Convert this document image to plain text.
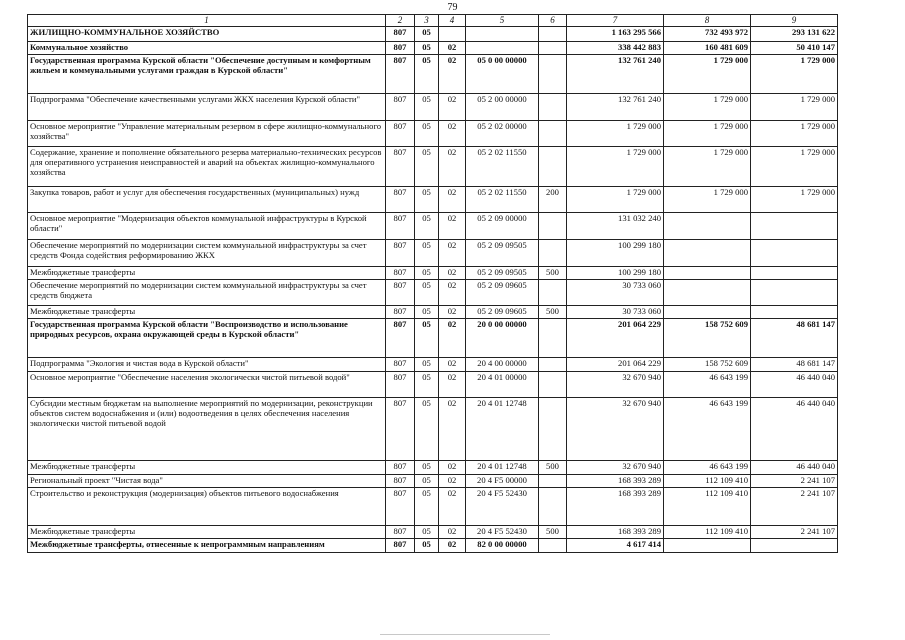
79
1	2	3	4	5	6	7	8	9
ЖИЛИЩНО-КОММУНАЛЬНОЕ ХОЗЯЙСТВО	807	05				1 163 295 566	732 493 972	293 131 622
Коммунальное хозяйство	807	05	02			338 442 883	160 481 609	50 410 147
Государственная программа Курской области "Обеспечение доступным и комфортным жильем и коммунальными услугами граждан в Курской области"	807	05	02	05 0 00 00000		132 761 240	1 729 000	1 729 000
Подпрограмма "Обеспечение качественными услугами ЖКХ населения Курской области"	807	05	02	05 2 00 00000		132 761 240	1 729 000	1 729 000
Основное мероприятие "Управление материальным резервом в сфере жилищно-коммунального хозяйства"	807	05	02	05 2 02 00000		1 729 000	1 729 000	1 729 000
Содержание, хранение и пополнение обязательного резерва материально-технических ресурсов для оперативного устранения неисправностей и аварий на объектах жилищно-коммунального хозяйства	807	05	02	05 2 02 11550		1 729 000	1 729 000	1 729 000
Закупка товаров, работ и услуг для обеспечения государственных (муниципальных) нужд	807	05	02	05 2 02 11550	200	1 729 000	1 729 000	1 729 000
Основное мероприятие "Модернизация объектов коммунальной инфраструктуры в Курской области"	807	05	02	05 2 09 00000		131 032 240		
Обеспечение мероприятий по модернизации систем коммунальной инфраструктуры за счет средств Фонда содействия реформированию ЖКХ	807	05	02	05 2 09 09505		100 299 180		
Межбюджетные трансферты	807	05	02	05 2 09 09505	500	100 299 180		
Обеспечение мероприятий по модернизации систем коммунальной инфраструктуры за счет средств бюджета	807	05	02	05 2 09 09605		30 733 060		
Межбюджетные трансферты	807	05	02	05 2 09 09605	500	30 733 060		
Государственная программа Курской области "Воспроизводство и использование природных ресурсов, охрана окружающей среды в Курской области"	807	05	02	20 0 00 00000		201 064 229	158 752 609	48 681 147
Подпрограмма "Экология и чистая вода в Курской области"	807	05	02	20 4 00 00000		201 064 229	158 752 609	48 681 147
Основное мероприятие "Обеспечение населения экологически чистой питьевой водой"	807	05	02	20 4 01 00000		32 670 940	46 643 199	46 440 040
Субсидии местным бюджетам на выполнение мероприятий по модернизации, реконструкции объектов систем водоснабжения и (или) водоотведения в целях обеспечения населения экологически чистой питьевой водой	807	05	02	20 4 01 12748		32 670 940	46 643 199	46 440 040
Межбюджетные трансферты	807	05	02	20 4 01 12748	500	32 670 940	46 643 199	46 440 040
Региональный проект "Чистая вода"	807	05	02	20 4 F5 00000		168 393 289	112 109 410	2 241 107
Строительство и реконструкция (модернизация) объектов питьевого водоснабжения	807	05	02	20 4 F5 52430		168 393 289	112 109 410	2 241 107
Межбюджетные трансферты	807	05	02	20 4 F5 52430	500	168 393 289	112 109 410	2 241 107
Межбюджетные трансферты, отнесенные к непрограммным направлениям	807	05	02	82 0 00 00000		4 617 414		
